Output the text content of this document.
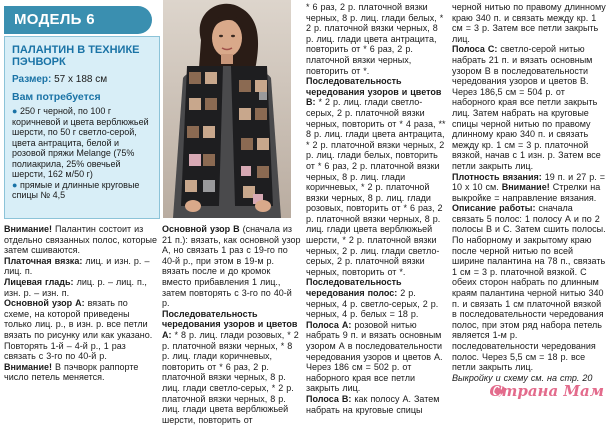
МОДЕЛЬ 6
ПАЛАНТИН В ТЕХНИКЕ ПЭЧВОРК
Размер: 57 x 188 см
Вам потребуется
● 250 г черной, по 100 г коричневой и цвета верблюжьей шерсти, по 50 г светло-серой, цвета антрацита, белой и розовой пряжи Melange (75% полиакрила, 25% овечьей шерсти, 162 м/50 г)
● прямые и длинные круговые спицы № 4,5

Внимание! Палантин состоит из отдельно связанных полос, которые затем сшиваются.

Платочная вязка: лиц. и изн. р. – лиц. п.

Лицевая гладь: лиц. р. – лиц. п., изн. р. – изн. п.

Основной узор А: вязать по схеме, на которой приведены только лиц. р., в изн. р. все петли вязать по рисунку или как указано. Повторять 1-й – 4-й р., 1 раз связать с 3-го по 40-й р. Внимание! В пэчворк раппорте число петель меняется.

Основной узор В (сначала из 21 п.): вязать, как основной узор А, но связать 1 раз с 19-го по 40-й р., при этом в 19-м р. вязать после и до кромок вместо прибавления 1 лиц., затем повторять с 3-го по 40-й р.

Последовательность чередования узоров и цветов А: * 8 р. лиц. глади розовых, * 2 р. платочной вязки черных, * 8 р. лиц. глади коричневых, повторить от * 6 раз, 2 р. платочной вязки черных, 8 р. лиц. глади светло-серых, * 2 р. платочной вязки черных, 8 р. лиц. глади цвета верблюжьей шерсти, повторить от

* 6 раз, 2 р. платочной вязки черных, 8 р. лиц. глади белых, * 2 р. платочной вязки черных, 8 р. лиц. глади цвета антрацита, повторить от * 6 раз, 2 р. платочной вязки черных, повторить от *.

Последовательность чередования узоров и цветов В: * 2 р. лиц. глади светло-серых, 2 р. платочной вязки черных, повторить от * 4 раза, ** 8 р. лиц. глади цвета антрацита, * 2 р. платочной вязки черных, 2 р. лиц. глади белых, повторить от * 6 раз, 2 р. платочной вязки черных, 8 р. лиц. глади коричневых, * 2 р. платочной вязки черных, 8 р. лиц. глади розовых, повторить от * 6 раз, 2 р. платочной вязки черных, 8 р. лиц. глади цвета верблюжьей шерсти, * 2 р. платочной вязки черных, 2 р. лиц. глади светло-серых, 2 р. платочной вязки черных, повторить от *.

Последовательность чередования полос: 2 р. черных, 4 р. светло-серых, 2 р. черных, 4 р. белых = 18 р.

Полоса А: розовой нитью набрать 9 п. и вязать основным узором А в последовательности чередования узоров и цветов А. Через 186 см = 502 р. от наборного края все петли закрыть лиц.

Полоса В: как полосу А. Затем набрать на круговые спицы

черной нитью по правому длинному краю 340 п. и связать между кр. 1 см = 3 р. Затем все петли закрыть лиц.

Полоса С: светло-серой нитью набрать 21 п. и вязать основным узором В в последовательности чередования узоров и цветов В. Через 186,5 см = 504 р. от наборного края все петли закрыть лиц. Затем набрать на круговые спицы черной нитью по правому длинному краю 340 п. и связать между кр. 1 см = 3 р. платочной вязкой, начав с 1 изн. р. Затем все петли закрыть лиц.

Плотность вязания: 19 п. и 27 р. = 10 x 10 см. Внимание! Стрелки на выкройке = направление вязания.

Описание работы: сначала связать 5 полос: 1 полосу А и по 2 полосы В и С. Затем сшить полосы. По наборному и закрытому краю после черной нитью по всей ширине палантина на 78 п., связать 1 см = 3 р. платочной вязкой. С обеих сторон набрать по длинным краям палантина черной нитью 340 п. и связать 1 см платочной вязкой в последовательности чередования полос, при этом ряд набора петель является 1-м р. последовательности чередования полос. Через 5,5 см = 18 р. все петли закрыть лиц.

Выкройку и схему см. на стр. 20

Страна Мам
